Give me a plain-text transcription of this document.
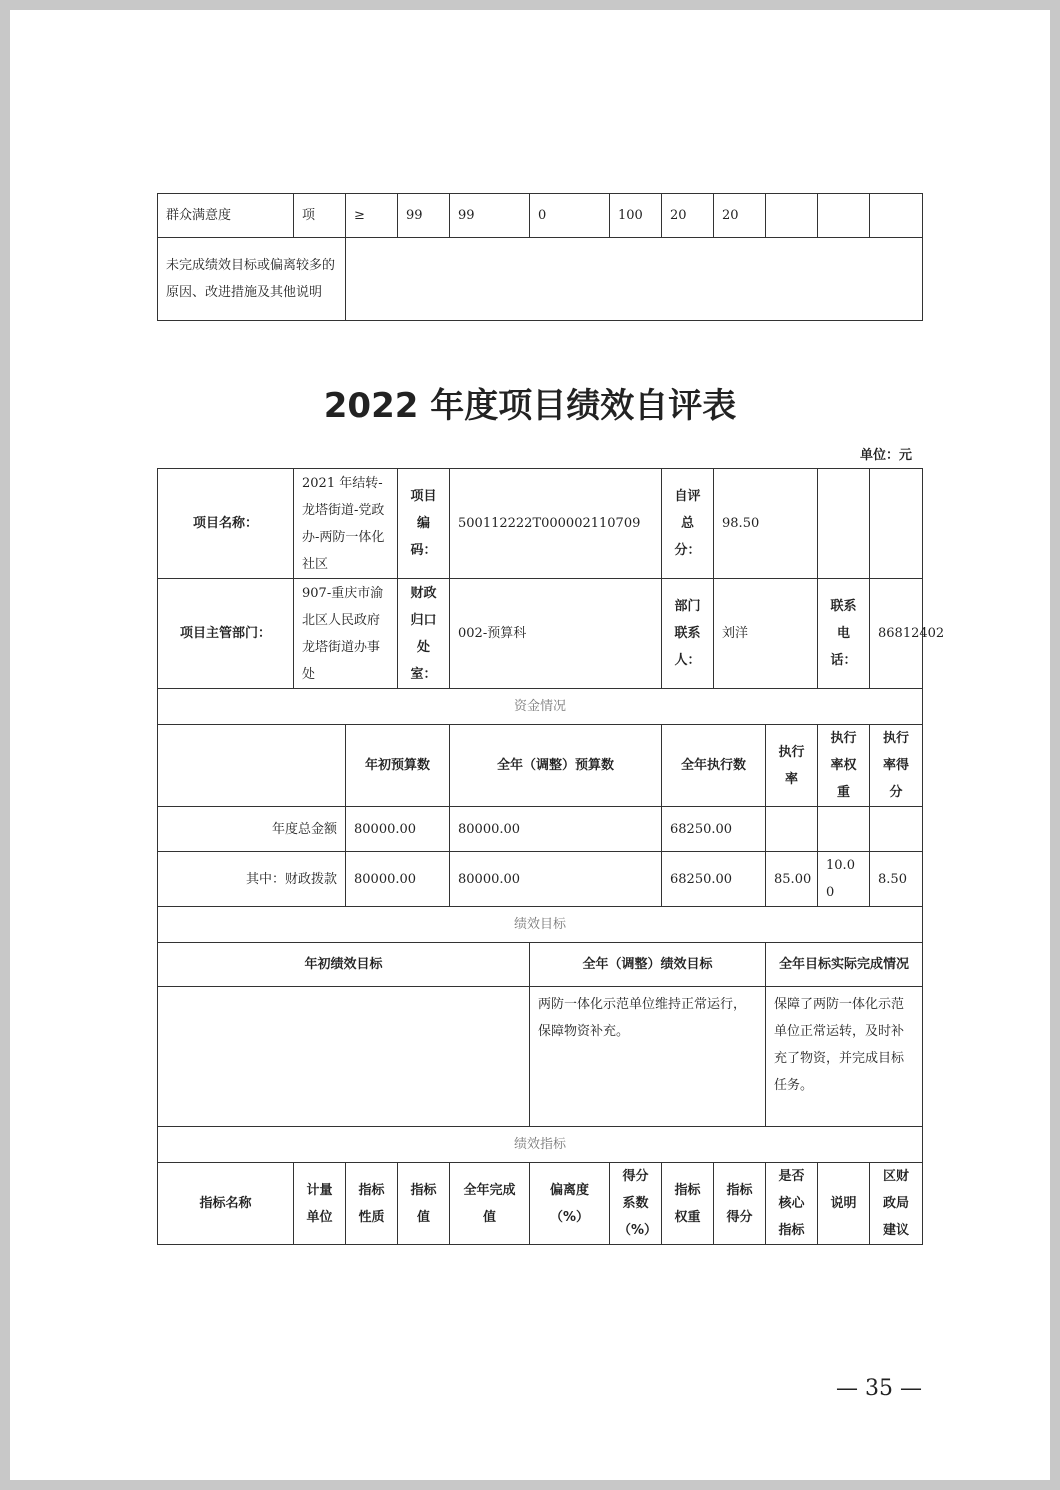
群众满意度	项	≥	99	99	0	100	20	20			
未完成绩效目标或偏离较多的原因、改进措施及其他说明											
2022 年度项目绩效自评表
单位：元
项目名称：	2021 年结转-龙塔街道-党政办-两防一体化社区		项目编码：	500112222T000002110709			自评总分：	98.50			
项目主管部门：	907-重庆市渝北区人民政府龙塔街道办事处		财政归口处室：	002-预算科			部门联系人：	刘洋		联系电话：	86812402
资金情况											
		年初预算数		全年（调整）预算数			全年执行数		执行率	执行率权重	执行率得分
年度总金额		80000.00		80000.00			68250.00				
其中：财政拨款		80000.00		80000.00			68250.00		85.00	10.00	8.50
绩效目标											
年初绩效目标					全年（调整）绩效目标				全年目标实际完成情况		
					两防一体化示范单位维持正常运行，保障物资补充。				保障了两防一体化示范单位正常运转，及时补充了物资，并完成目标任务。		
绩效指标											
指标名称	计量单位	指标性质	指标值	全年完成值	偏离度（%）	得分系数（%）	指标权重	指标得分	是否核心指标	说明	区财政局建议
— 35 —
